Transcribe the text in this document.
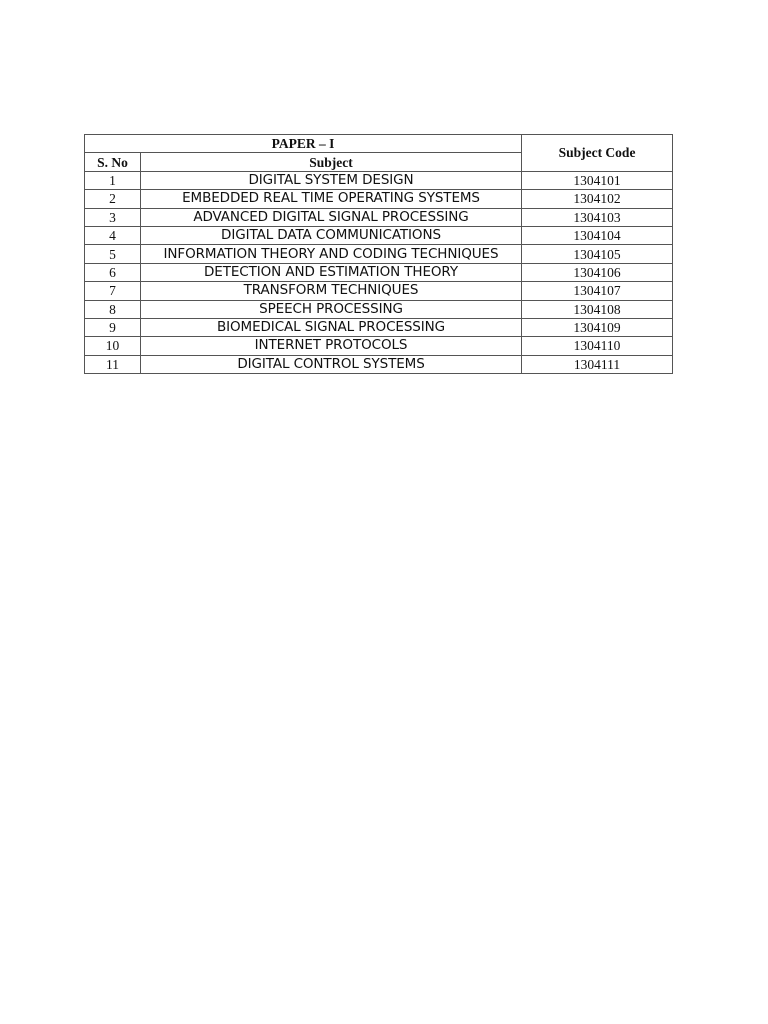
PAPER – I		Subject Code
S. No	Subject	
1	DIGITAL SYSTEM DESIGN	1304101
2	EMBEDDED REAL TIME OPERATING SYSTEMS	1304102
3	ADVANCED DIGITAL SIGNAL PROCESSING	1304103
4	DIGITAL DATA COMMUNICATIONS	1304104
5	INFORMATION THEORY AND CODING TECHNIQUES	1304105
6	DETECTION AND ESTIMATION THEORY	1304106
7	TRANSFORM TECHNIQUES	1304107
8	SPEECH PROCESSING	1304108
9	BIOMEDICAL SIGNAL PROCESSING	1304109
10	INTERNET PROTOCOLS	1304110
11	DIGITAL CONTROL SYSTEMS	1304111
